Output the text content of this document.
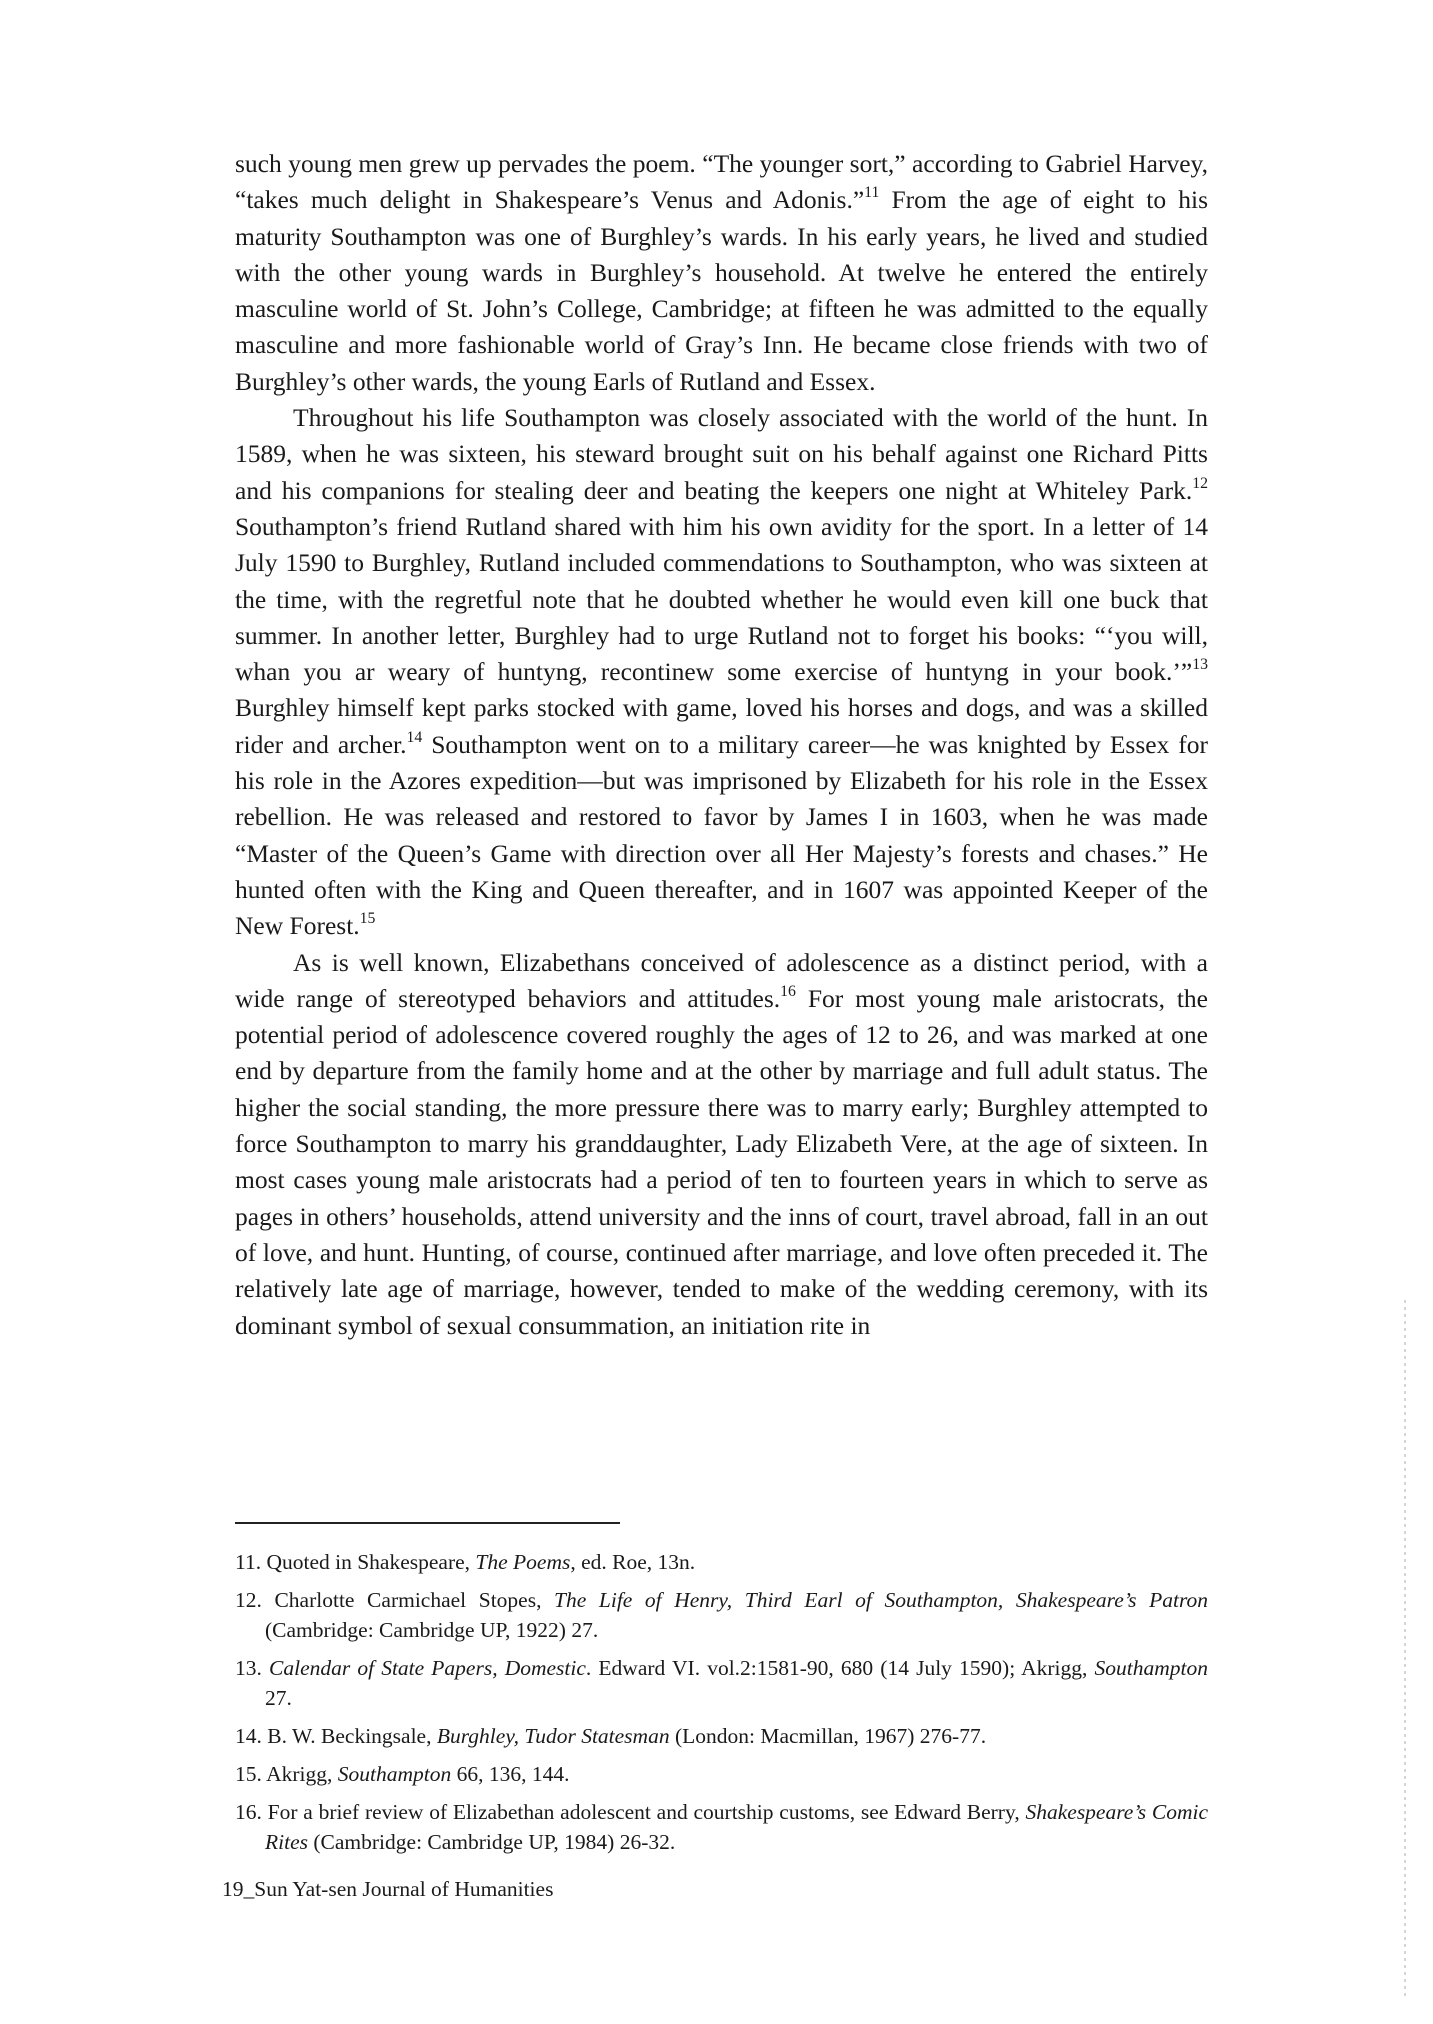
such young men grew up pervades the poem. “The younger sort,” according to Gabriel Harvey, “takes much delight in Shakespeare’s Venus and Adonis.”$^{11}$ From the age of eight to his maturity Southampton was one of Burghley’s wards. In his early years, he lived and studied with the other young wards in Burghley’s household. At twelve he entered the entirely masculine world of St. John’s College, Cambridge; at fifteen he was admitted to the equally masculine and more fashionable world of Gray’s Inn. He became close friends with two of Burghley’s other wards, the young Earls of Rutland and Essex.

Throughout his life Southampton was closely associated with the world of the hunt. In 1589, when he was sixteen, his steward brought suit on his behalf against one Richard Pitts and his companions for stealing deer and beating the keepers one night at Whiteley Park.$^{12}$ Southampton’s friend Rutland shared with him his own avidity for the sport. In a letter of 14 July 1590 to Burghley, Rutland included commendations to Southampton, who was sixteen at the time, with the regretful note that he doubted whether he would even kill one buck that summer. In another letter, Burghley had to urge Rutland not to forget his books: “‘you will, whan you ar weary of huntyng, recontinew some exercise of huntyng in your book.’”$^{13}$ Burghley himself kept parks stocked with game, loved his horses and dogs, and was a skilled rider and archer.$^{14}$ Southampton went on to a military career—he was knighted by Essex for his role in the Azores expedition—but was imprisoned by Elizabeth for his role in the Essex rebellion. He was released and restored to favor by James I in 1603, when he was made “Master of the Queen’s Game with direction over all Her Majesty’s forests and chases.” He hunted often with the King and Queen thereafter, and in 1607 was appointed Keeper of the New Forest.$^{15}$

As is well known, Elizabethans conceived of adolescence as a distinct period, with a wide range of stereotyped behaviors and attitudes.$^{16}$ For most young male aristocrats, the potential period of adolescence covered roughly the ages of 12 to 26, and was marked at one end by departure from the family home and at the other by marriage and full adult status. The higher the social standing, the more pressure there was to marry early; Burghley attempted to force Southampton to marry his granddaughter, Lady Elizabeth Vere, at the age of sixteen. In most cases young male aristocrats had a period of ten to fourteen years in which to serve as pages in others’ households, attend university and the inns of court, travel abroad, fall in an out of love, and hunt. Hunting, of course, continued after marriage, and love often preceded it. The relatively late age of marriage, however, tended to make of the wedding ceremony, with its dominant symbol of sexual consummation, an initiation rite in

11. Quoted in Shakespeare, The Poems, ed. Roe, 13n.

12. Charlotte Carmichael Stopes, The Life of Henry, Third Earl of Southampton, Shakespeare’s Patron (Cambridge: Cambridge UP, 1922) 27.

13. Calendar of State Papers, Domestic. Edward VI. vol.2:1581-90, 680 (14 July 1590); Akrigg, Southampton 27.

14. B. W. Beckingsale, Burghley, Tudor Statesman (London: Macmillan, 1967) 276-77.

15. Akrigg, Southampton 66, 136, 144.

16. For a brief review of Elizabethan adolescent and courtship customs, see Edward Berry, Shakespeare’s Comic Rites (Cambridge: Cambridge UP, 1984) 26-32.

19_Sun Yat-sen Journal of Humanities
